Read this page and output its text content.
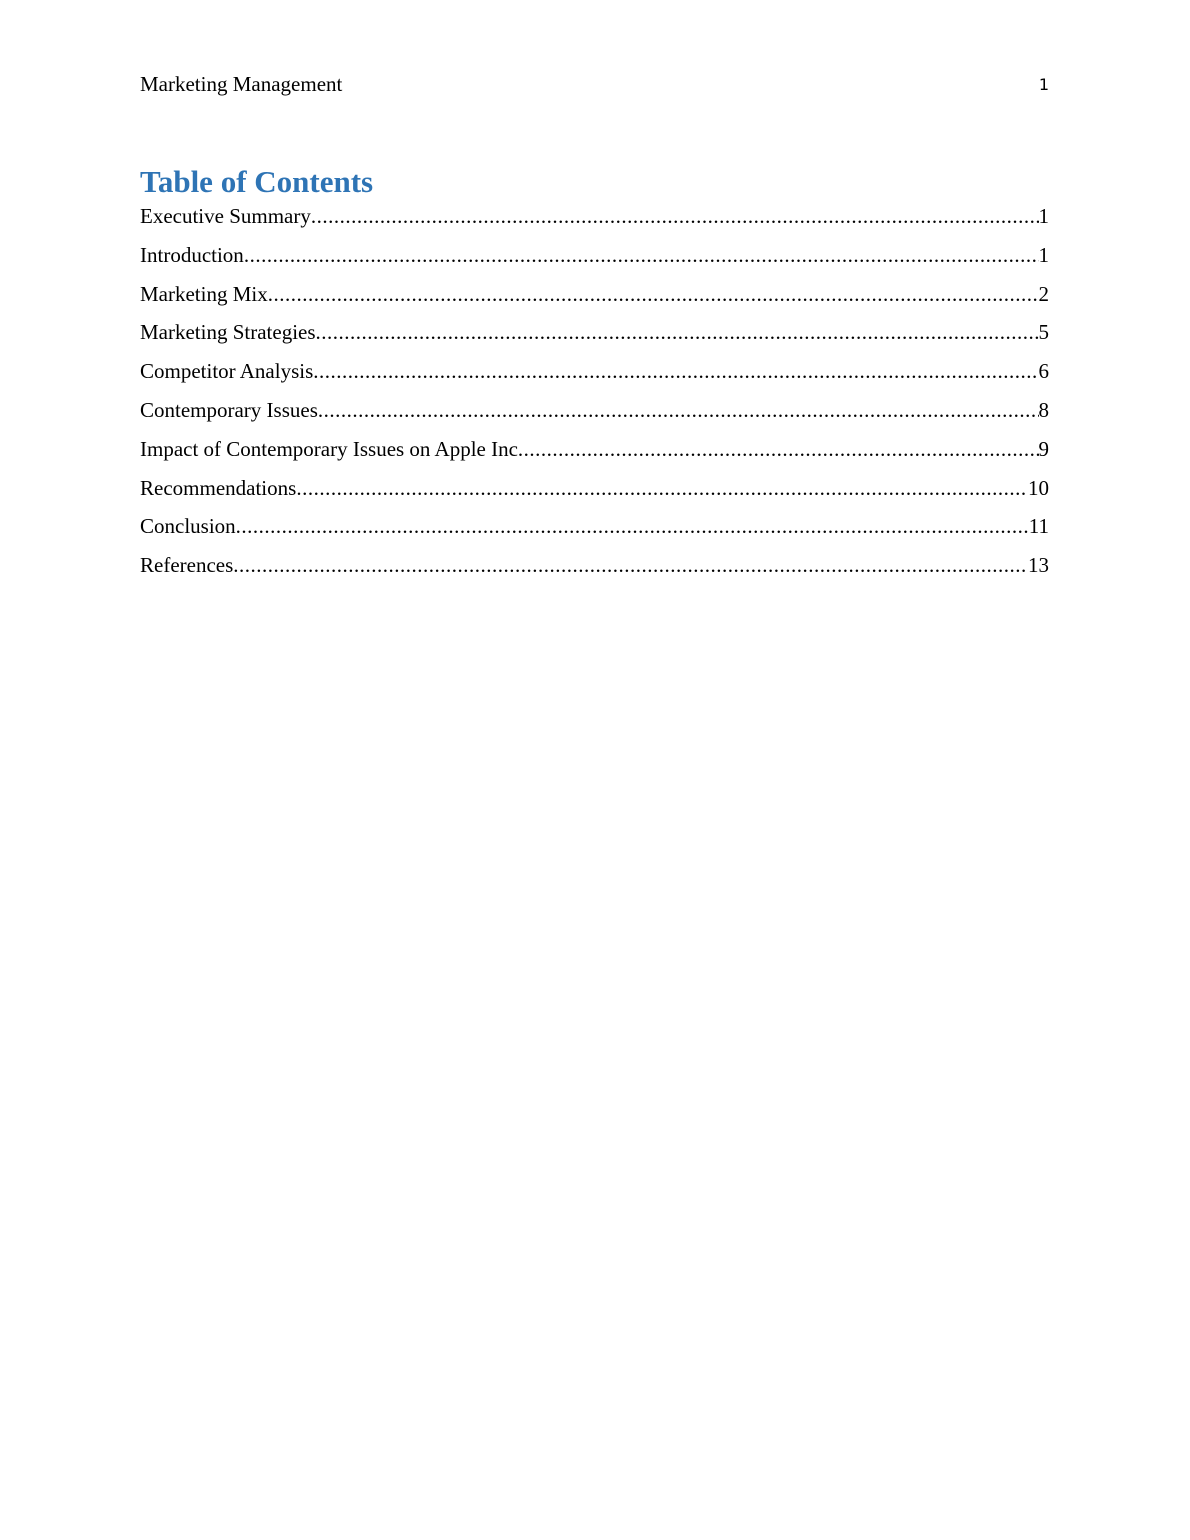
Marketing Management	1
Table of Contents
Executive Summary .....	1
Introduction .....	1
Marketing Mix .....	2
Marketing Strategies .....	5
Competitor Analysis .....	6
Contemporary Issues .....	8
Impact of Contemporary Issues on Apple Inc .....	9
Recommendations .....	10
Conclusion .....	11
References .....	13
